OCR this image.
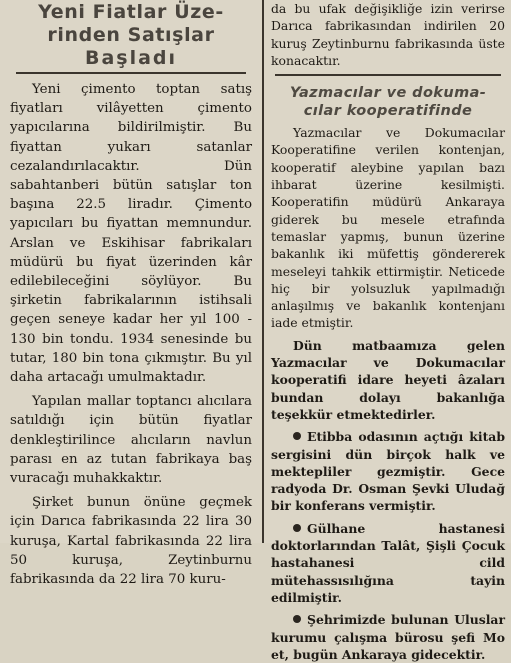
Yeni Fiatlar Üze-
rinden Satışlar
Başladı

Yeni çimento toptan satış fiyatları vilâyetten çimento yapıcılarına bildirilmiştir. Bu fiyattan yukarı satanlar cezalandırılacaktır. Dün sabahtanberi bütün satışlar ton başına 22.5 liradır. Çimento yapıcıları bu fiyattan memnundur. Arslan ve Eskihisar fabrikaları müdürü bu fiyat üzerinden kâr edilebileceğini söylüyor. Bu şirketin fabrikalarının istihsali geçen seneye kadar her yıl 100 - 130 bin tondu. 1934 senesinde bu tutar, 180 bin tona çıkmıştır. Bu yıl daha artacağı umulmaktadır.

Yapılan mallar toptancı alıcılara satıldığı için bütün fiyatlar denkleştirilince alıcıların navlun parası en az tutan fabrikaya baş vuracağı muhakkaktır.

Şirket bunun önüne geçmek için Darıca fabrikasında 22 lira 30 kuruşa, Kartal fabrikasında 22 lira 50 kuruşa, Zeytinburnu fabrikasında da 22 lira 70 kuru-

da bu ufak değişikliğe izin verirse Darıca fabrikasından indirilen 20 kuruş Zeytinburnu fabrikasında üste konacaktır.

Yazmacılar ve dokuma-
cılar kooperatifinde

Yazmacılar ve Dokumacılar Kooperatifine verilen kontenjan, kooperatif aleybine yapılan bazı ihbarat üzerine kesilmişti. Kooperatifin müdürü Ankaraya giderek bu mesele etrafında temaslar yapmış, bunun üzerine bakanlık iki müfettiş göndererek meseleyi tahkik ettirmiştir. Neticede hiç bir yolsuzluk yapılmadığı anlaşılmış ve bakanlık kontenjanı iade etmiştir.

Dün matbaamıza gelen Yazmacılar ve Dokumacılar kooperatifi idare heyeti âzaları bundan dolayı bakanlığa teşekkür etmektedirler.

Etibba odasının açtığı kitab sergisini dün birçok halk ve mektepliler gezmiştir. Gece radyoda Dr. Osman Şevki Uludağ bir konferans vermiştir.

Gülhane hastanesi doktorlarından Talât, Şişli Çocuk hastahanesi cild mütehassısılığına tayin edilmiştir.

Şehrimizde bulunan Uluslar kurumu çalışma bürosu şefi Mo et, bugün Ankaraya gidecektir.
